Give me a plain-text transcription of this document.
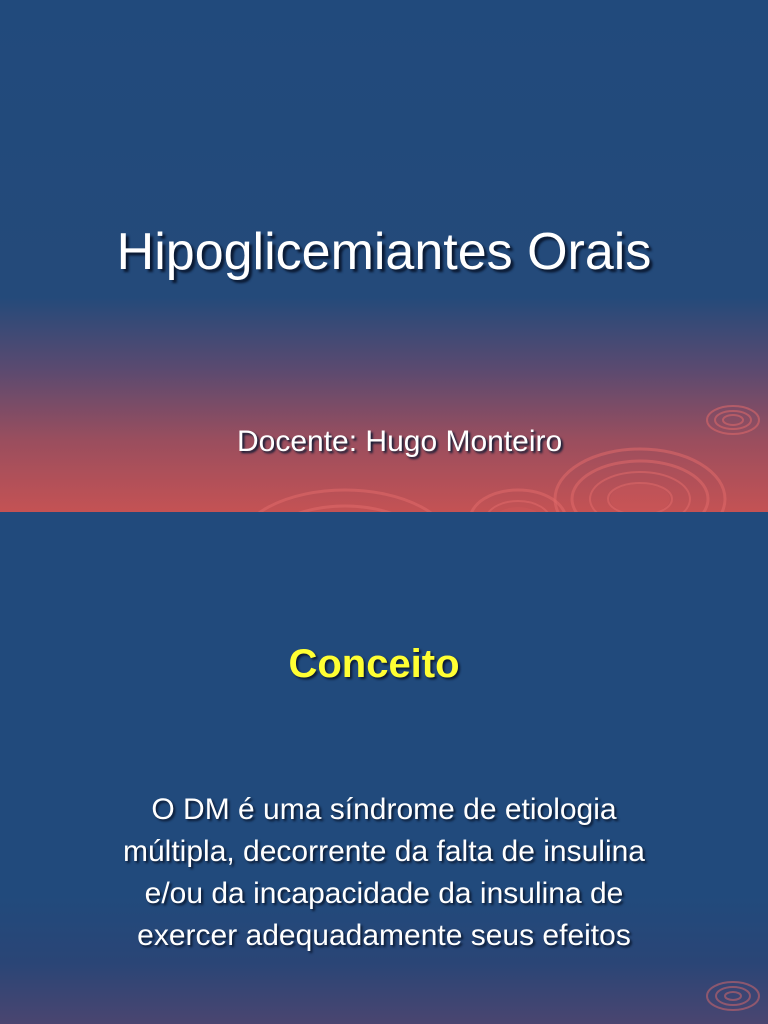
Hipoglicemiantes Orais
Docente: Hugo Monteiro
Conceito
O DM é uma síndrome de etiologia múltipla, decorrente da falta de insulina e/ou da incapacidade da insulina de exercer adequadamente seus efeitos
